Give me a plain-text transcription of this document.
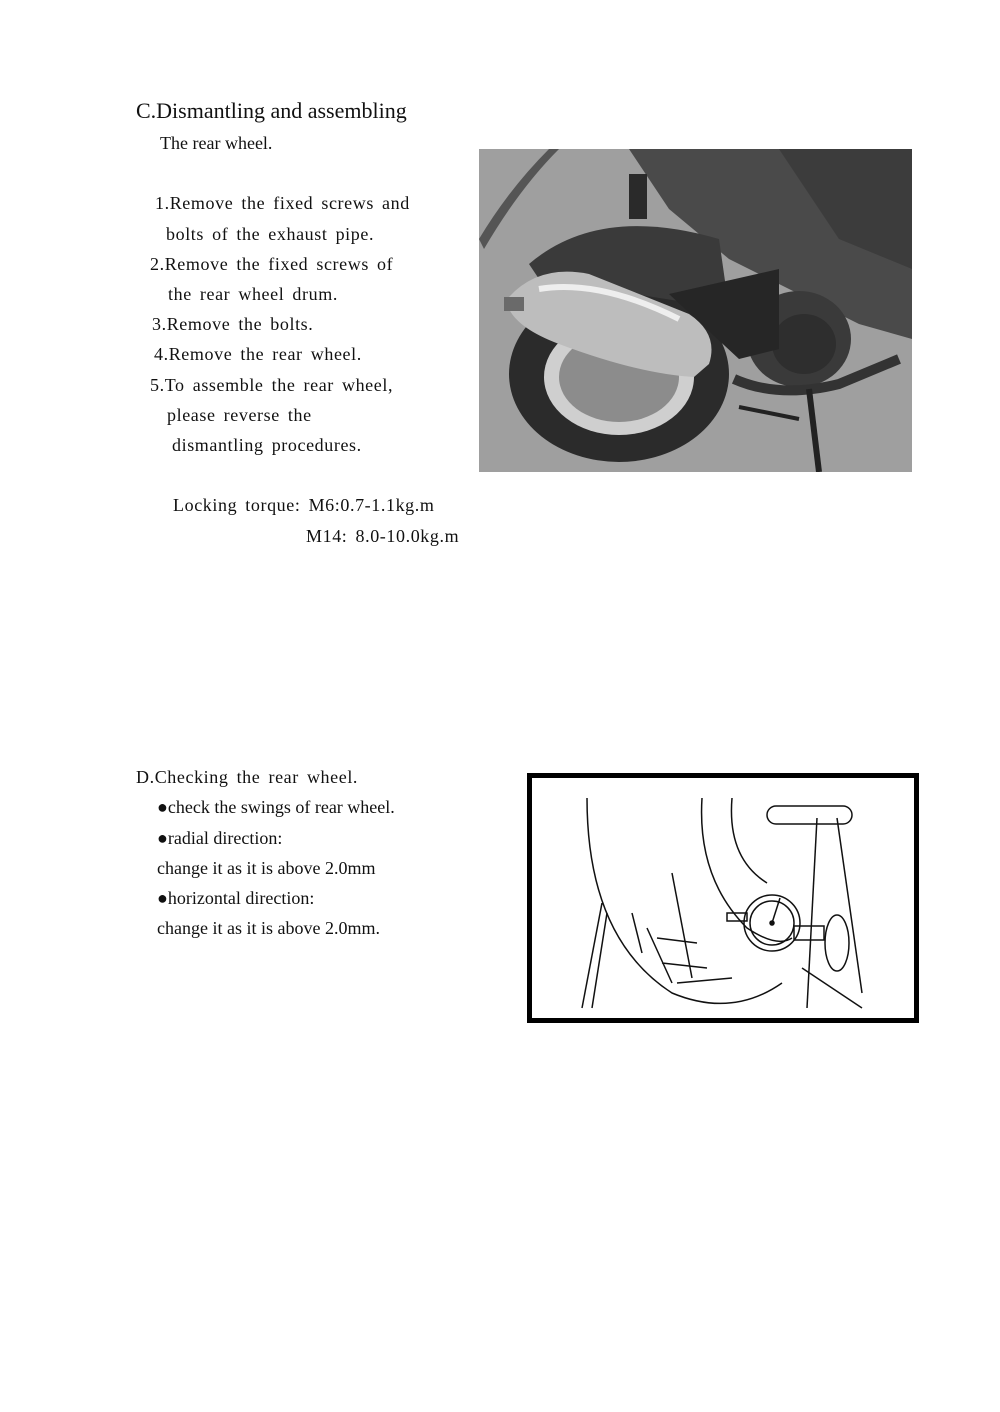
C.Dismantling and assembling
The rear wheel.
1.Remove the fixed screws and
bolts of the exhaust pipe.
2.Remove the fixed screws of
the rear wheel drum.
3.Remove the bolts.
4.Remove the rear wheel.
5.To assemble the rear wheel,
please reverse the
dismantling procedures.
Locking torque: M6:0.7-1.1kg.m
M14: 8.0-10.0kg.m
D.Checking the rear wheel.
●check the swings of rear wheel.
●radial direction:
change it as it is above 2.0mm
●horizontal direction:
change it as it is above 2.0mm.
